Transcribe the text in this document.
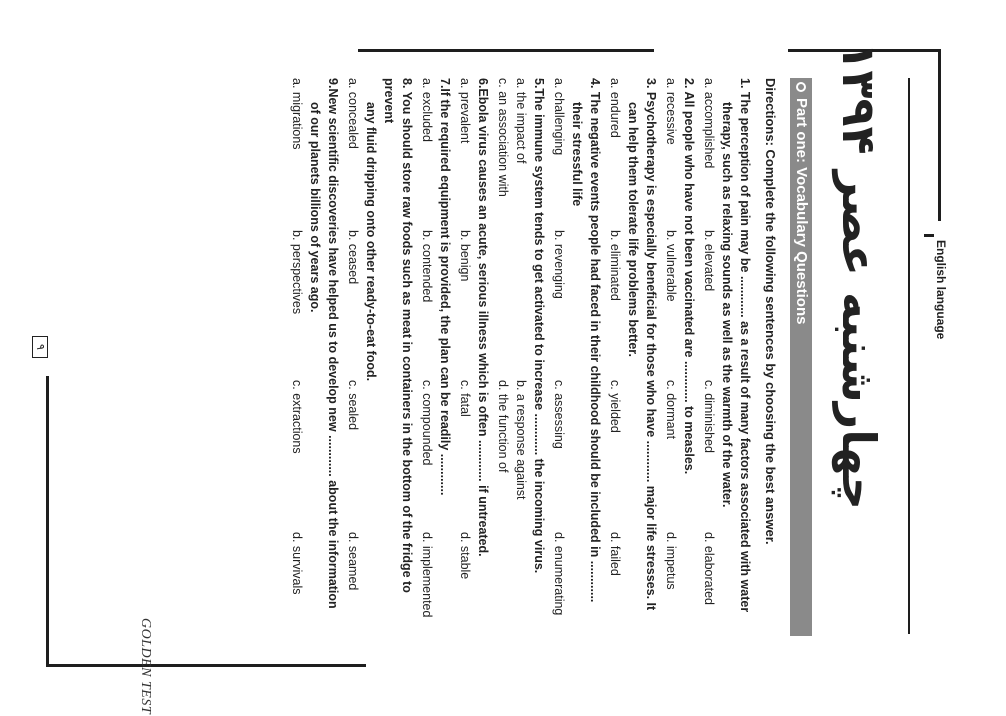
English language
GOLDEN TEST
چهارشنبه عصر ۱۳۹۴
Part one: Vocabulary Questions
Directions: Complete the following sentences by choosing the best answer.
1. The perception of pain may be ............ as a result of many factors associated with water
therapy, such as relaxing sounds as well as the warmth of the water.
a. accomplished
b. elevated
c. diminished
d. elaborated
2. All people who have not been vaccinated are ............ to measles.
a. recessive
b. vulnerable
c. dormant
d. impetus
3. Psychotherapy is especially beneficial for those who have ............ major life stresses. It
can help them tolerate life problems better.
a. endured
b. eliminated
c. yielded
d. failed
4. The negative events people had faced in their childhood should be included in ............
their stressful life
a. challenging
b. revenging
c. assessing
d. enumerating
5.The immune system tends to get activated to increase ............ the incoming virus.
a. the impact of
b. a response against
c. an association with
d. the function of
6.Ebola virus causes an acute, serious illness which is often ............ if untreated.
a. prevalent
b. benign
c. fatal
d. stable
7.If the required equipment is provided, the plan can be readily ............
a. excluded
b. contended
c. compounded
d. implemented
8. You should store raw foods such as meat in containers in the bottom of the fridge to prevent
any fluid dripping onto other ready-to-eat food.
a. concealed
b. ceased
c. sealed
d. seamed
9.New scientific discoveries have helped us to develop new ............ about the information
of our planets billions of years ago.
a. migrations
b. perspectives
c. extractions
d. survivals
۹
